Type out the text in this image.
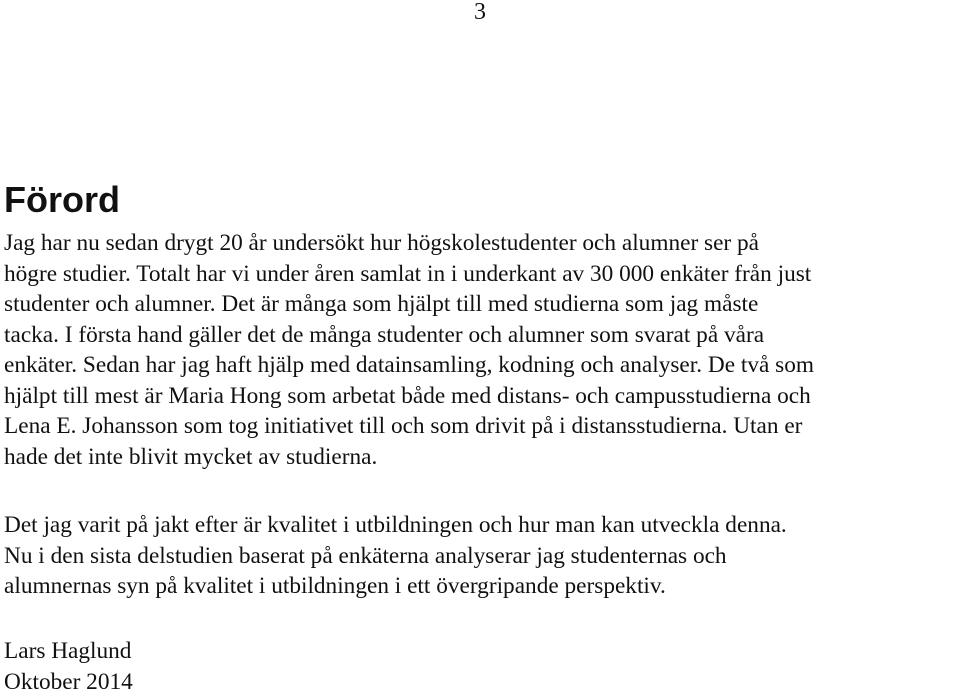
3
Förord

Jag har nu sedan drygt 20 år undersökt hur högskolestudenter och alumner ser på
högre studier. Totalt har vi under åren samlat in i underkant av 30 000 enkäter från just
studenter och alumner. Det är många som hjälpt till med studierna som jag måste
tacka. I första hand gäller det de många studenter och alumner som svarat på våra
enkäter. Sedan har jag haft hjälp med datainsamling, kodning och analyser. De två som
hjälpt till mest är Maria Hong som arbetat både med distans- och campusstudierna och
Lena E. Johansson som tog initiativet till och som drivit på i distansstudierna. Utan er
hade det inte blivit mycket av studierna.

Det jag varit på jakt efter är kvalitet i utbildningen och hur man kan utveckla denna.
Nu i den sista delstudien baserat på enkäterna analyserar jag studenternas och
alumnernas syn på kvalitet i utbildningen i ett övergripande perspektiv.

Lars Haglund
Oktober 2014
